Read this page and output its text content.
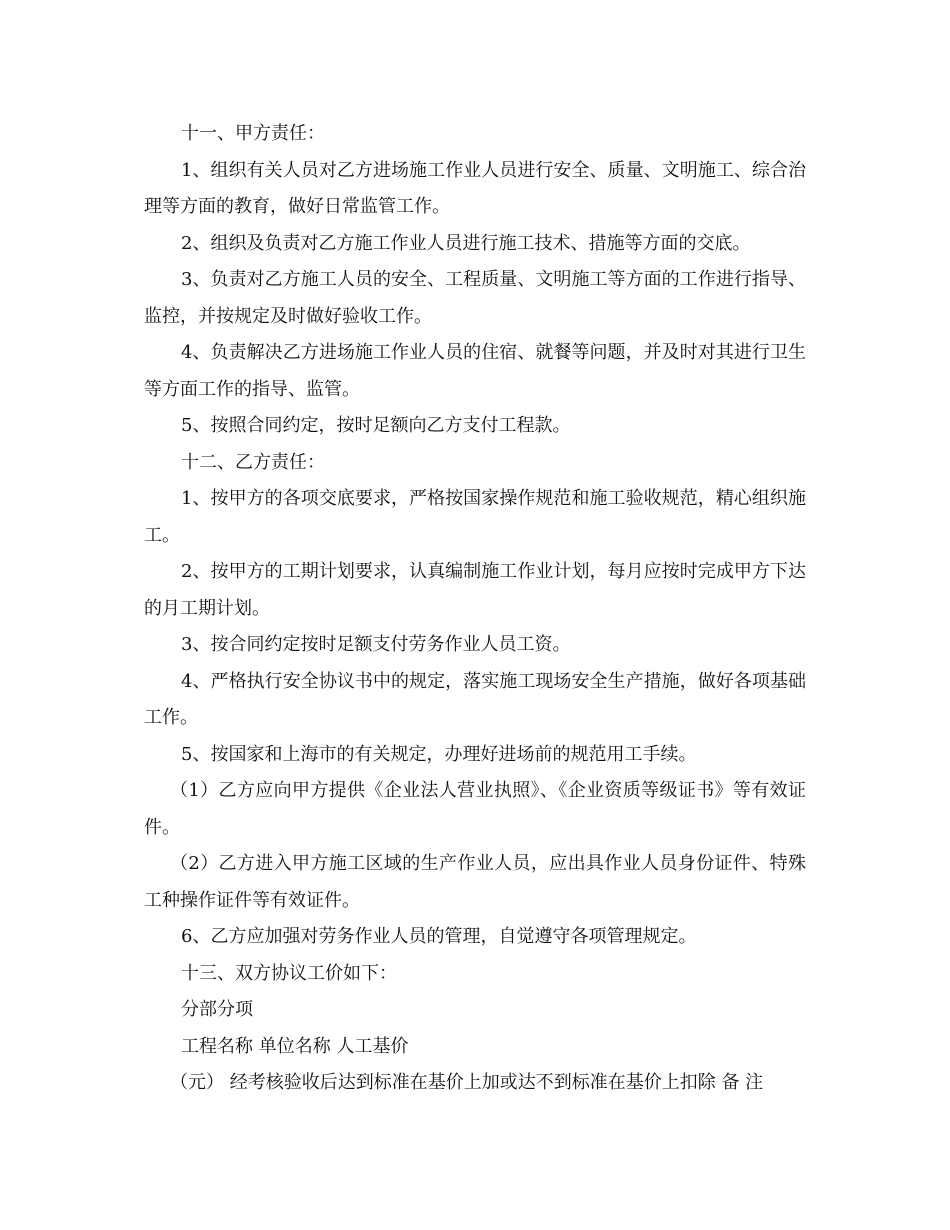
十一、甲方责任：

1、组织有关人员对乙方进场施工作业人员进行安全、质量、文明施工、综合治理等方面的教育，做好日常监管工作。

2、组织及负责对乙方施工作业人员进行施工技术、措施等方面的交底。

3、负责对乙方施工人员的安全、工程质量、文明施工等方面的工作进行指导、监控，并按规定及时做好验收工作。

4、负责解决乙方进场施工作业人员的住宿、就餐等问题，并及时对其进行卫生等方面工作的指导、监管。

5、按照合同约定，按时足额向乙方支付工程款。

十二、乙方责任：

1、按甲方的各项交底要求，严格按国家操作规范和施工验收规范，精心组织施工。

2、按甲方的工期计划要求，认真编制施工作业计划，每月应按时完成甲方下达的月工期计划。

3、按合同约定按时足额支付劳务作业人员工资。

4、严格执行安全协议书中的规定，落实施工现场安全生产措施，做好各项基础工作。

5、按国家和上海市的有关规定，办理好进场前的规范用工手续。

（1）乙方应向甲方提供《企业法人营业执照》、《企业资质等级证书》等有效证件。

（2）乙方进入甲方施工区域的生产作业人员，应出具作业人员身份证件、特殊工种操作证件等有效证件。

6、乙方应加强对劳务作业人员的管理，自觉遵守各项管理规定。

十三、双方协议工价如下：

分部分项

工程名称 单位名称 人工基价

（元） 经考核验收后达到标准在基价上加或达不到标准在基价上扣除 备 注
